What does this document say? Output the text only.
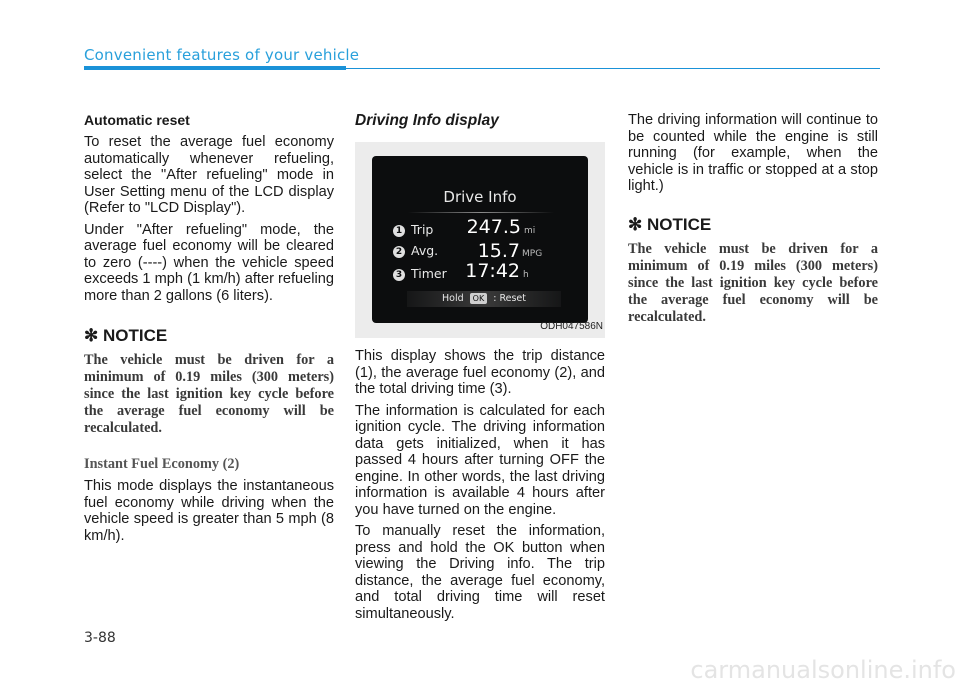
Convenient features of your vehicle

Automatic reset

To reset the average fuel economy automatically whenever refueling, select the "After refueling" mode in User Setting menu of the LCD display (Refer to "LCD Display").

Under "After refueling" mode, the average fuel economy will be cleared to zero (----) when the vehicle speed exceeds 1 mph (1 km/h) after refueling more than 2 gallons (6 liters).

✻ NOTICE

The vehicle must be driven for a minimum of 0.19 miles (300 meters) since the last ignition key cycle before the average fuel economy will be recalculated.

Instant Fuel Economy (2)

This mode displays the instantaneous fuel economy while driving when the vehicle speed is greater than 5 mph (8 km/h).

Driving Info display

Drive Info
1 Trip 247.5 mi
2 Avg. 15.7 MPG
3 Timer 17:42 h
Hold OK : Reset
ODH047586N

This display shows the trip distance (1), the average fuel economy (2), and the total driving time (3).

The information is calculated for each ignition cycle. The driving information data gets initialized, when it has passed 4 hours after turning OFF the engine. In other words, the last driving information is available 4 hours after you have turned on the engine.

To manually reset the information, press and hold the OK button when viewing the Driving info. The trip distance, the average fuel economy, and total driving time will reset simultaneously.

The driving information will continue to be counted while the engine is still running (for example, when the vehicle is in traffic or stopped at a stop light.)

✻ NOTICE

The vehicle must be driven for a minimum of 0.19 miles (300 meters) since the last ignition key cycle before the average fuel economy will be recalculated.

3-88
carmanualsonline.info
